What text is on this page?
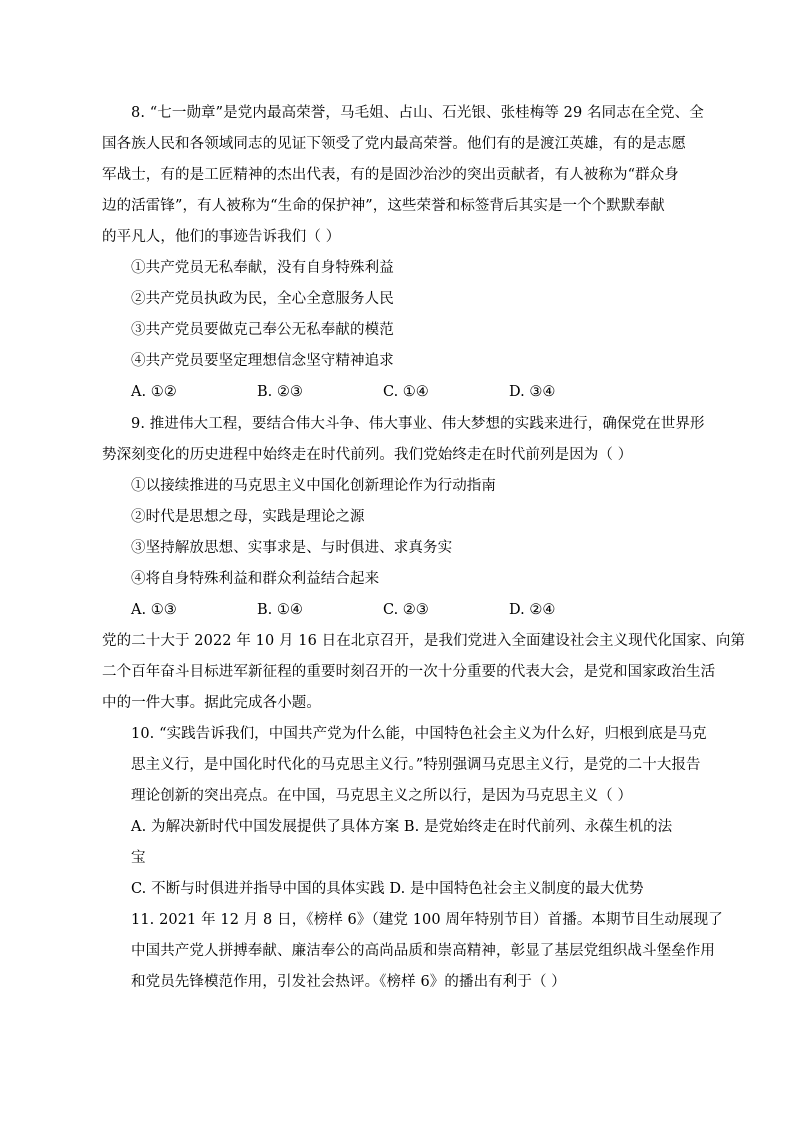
8. “七一勋章”是党内最高荣誉，马毛姐、占山、石光银、张桂梅等 29 名同志在全党、全
国各族人民和各领域同志的见证下领受了党内最高荣誉。他们有的是渡江英雄，有的是志愿
军战士，有的是工匠精神的杰出代表，有的是固沙治沙的突出贡献者，有人被称为“群众身
边的活雷锋”，有人被称为“生命的保护神”，这些荣誉和标签背后其实是一个个默默奉献
的平凡人，他们的事迹告诉我们（ ）
①共产党员无私奉献，没有自身特殊利益
②共产党员执政为民，全心全意服务人民
③共产党员要做克己奉公无私奉献的模范
④共产党员要坚定理想信念坚守精神追求
A. ①②	B. ②③	C. ①④	D. ③④
9. 推进伟大工程，要结合伟大斗争、伟大事业、伟大梦想的实践来进行，确保党在世界形
势深刻变化的历史进程中始终走在时代前列。我们党始终走在时代前列是因为（ ）
①以接续推进的马克思主义中国化创新理论作为行动指南
②时代是思想之母，实践是理论之源
③坚持解放思想、实事求是、与时俱进、求真务实
④将自身特殊利益和群众利益结合起来
A. ①③	B. ①④	C. ②③	D. ②④
党的二十大于 2022 年 10 月 16 日在北京召开，是我们党进入全面建设社会主义现代化国家、向第
二个百年奋斗目标进军新征程的重要时刻召开的一次十分重要的代表大会，是党和国家政治生活
中的一件大事。据此完成各小题。
10. “实践告诉我们，中国共产党为什么能，中国特色社会主义为什么好，归根到底是马克
思主义行，是中国化时代化的马克思主义行。”特别强调马克思主义行，是党的二十大报告
理论创新的突出亮点。在中国，马克思主义之所以行，是因为马克思主义（ ）
A. 为解决新时代中国发展提供了具体方案 B. 是党始终走在时代前列、永葆生机的法
宝
C. 不断与时俱进并指导中国的具体实践 D. 是中国特色社会主义制度的最大优势
11. 2021 年 12 月 8 日，《榜样 6》（建党 100 周年特别节目）首播。本期节目生动展现了
中国共产党人拼搏奉献、廉洁奉公的高尚品质和崇高精神，彰显了基层党组织战斗堡垒作用
和党员先锋模范作用，引发社会热评。《榜样 6》的播出有利于（ ）
